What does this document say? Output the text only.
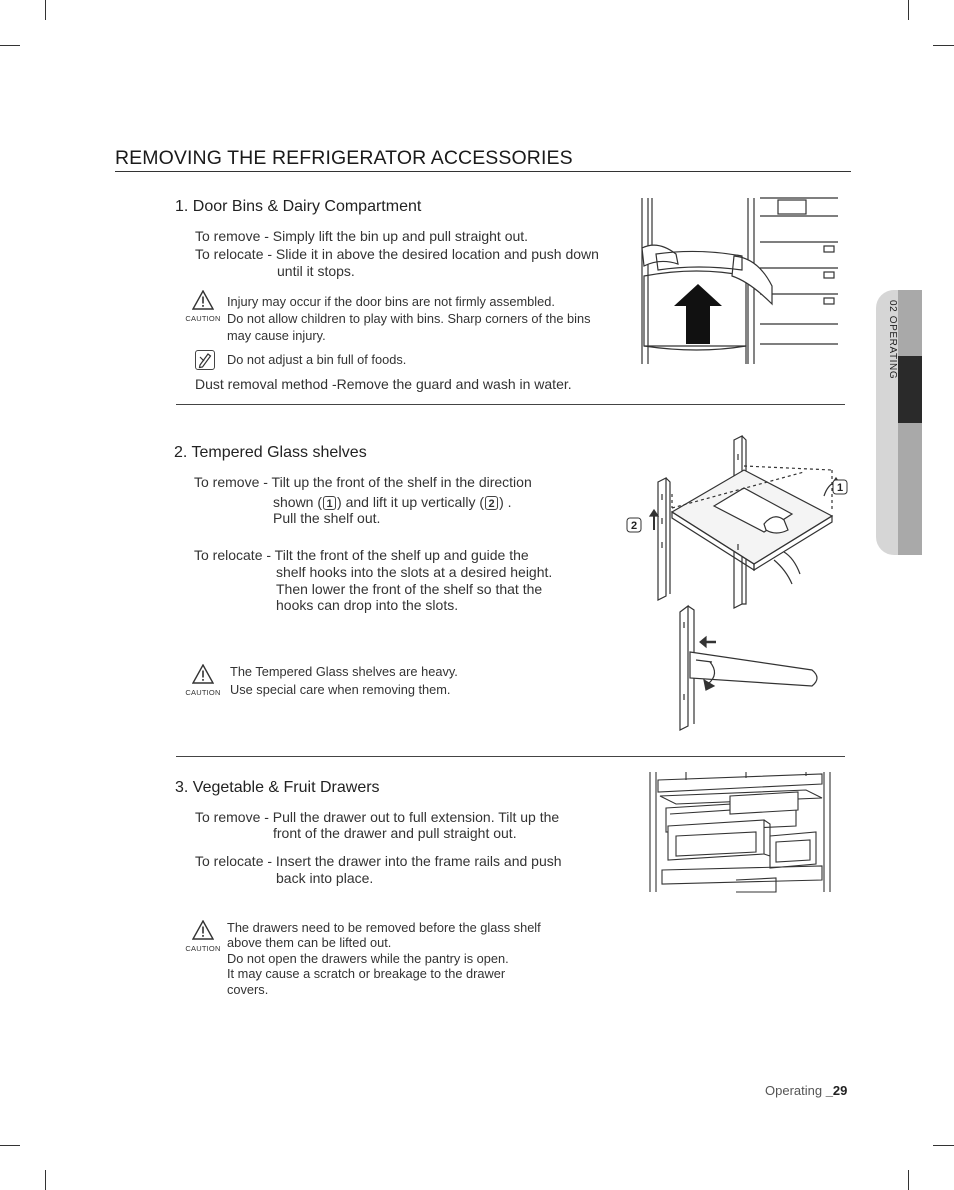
02 OPERATING
REMOVING THE REFRIGERATOR ACCESSORIES
1. Door Bins & Dairy Compartment
To remove - Simply lift the bin up and pull straight out.
To relocate - Slide it in above the desired location and push down
until it stops.
CAUTION
Injury may occur if the door bins are not firmly assembled.
Do not allow children to play with bins. Sharp corners of the bins
may cause injury.
Do not adjust a bin full of foods.
Dust removal method -Remove the guard and wash in water.
2. Tempered Glass shelves
To remove - Tilt up the front of the shelf in the direction
shown ( 1 ) and lift it up vertically ( 2 ) .
Pull the shelf out.
To relocate - Tilt the front of the shelf up and guide the
shelf hooks into the slots at a desired height.
Then lower the front of the shelf so that the
hooks can drop into the slots.
CAUTION
The Tempered Glass shelves are heavy.
Use special care when removing them.
1
2
3. Vegetable & Fruit Drawers
To remove - Pull the drawer out to full extension. Tilt up the
front of the drawer and pull straight out.
To relocate - Insert the drawer into the frame rails and push
back into place.
CAUTION
The drawers need to be removed before the glass shelf
above them can be lifted out.
Do not open the drawers while the pantry is open.
It may cause a scratch or breakage to the drawer
covers.
Operating _29
